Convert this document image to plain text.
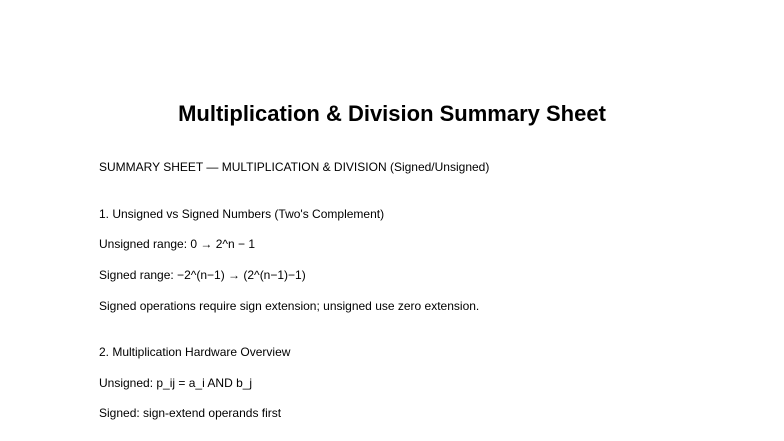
Multiplication & Division Summary Sheet
SUMMARY SHEET — MULTIPLICATION & DIVISION (Signed/Unsigned)
1. Unsigned vs Signed Numbers (Two's Complement)
Unsigned range: 0 → 2^n − 1
Signed range: −2^(n−1) → (2^(n−1)−1)
Signed operations require sign extension; unsigned use zero extension.
2. Multiplication Hardware Overview
Unsigned: p_ij = a_i AND b_j
Signed: sign-extend operands first
